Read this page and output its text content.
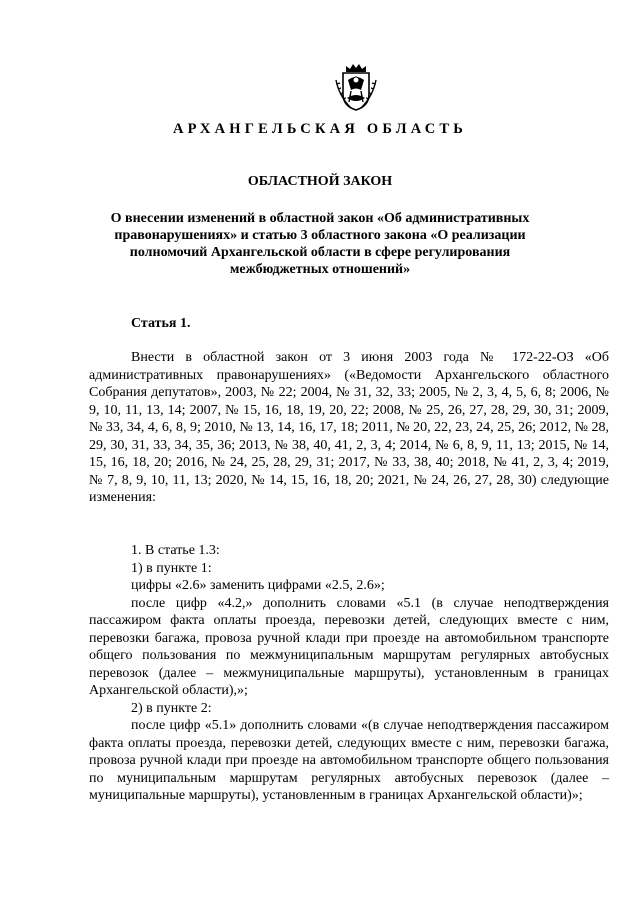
АРХАНГЕЛЬСКАЯ ОБЛАСТЬ
ОБЛАСТНОЙ ЗАКОН
О внесении изменений в областной закон «Об административных правонарушениях» и статью 3 областного закона «О реализации полномочий Архангельской области в сфере регулирования межбюджетных отношений»
Статья 1.
Внести в областной закон от 3 июня 2003 года № 172-22-ОЗ «Об административных правонарушениях» («Ведомости Архангельского областного Собрания депутатов», 2003, № 22; 2004, № 31, 32, 33; 2005, № 2, 3, 4, 5, 6, 8; 2006, № 9, 10, 11, 13, 14; 2007, № 15, 16, 18, 19, 20, 22; 2008, № 25, 26, 27, 28, 29, 30, 31; 2009, № 33, 34, 4, 6, 8, 9; 2010, № 13, 14, 16, 17, 18; 2011, № 20, 22, 23, 24, 25, 26; 2012, № 28, 29, 30, 31, 33, 34, 35, 36; 2013, № 38, 40, 41, 2, 3, 4; 2014, № 6, 8, 9, 11, 13; 2015, № 14, 15, 16, 18, 20; 2016, № 24, 25, 28, 29, 31; 2017, № 33, 38, 40; 2018, № 41, 2, 3, 4; 2019, № 7, 8, 9, 10, 11, 13; 2020, № 14, 15, 16, 18, 20; 2021, № 24, 26, 27, 28, 30) следующие изменения:
1. В статье 1.3:
1) в пункте 1:
цифры «2.6» заменить цифрами «2.5, 2.6»;
после цифр «4.2,» дополнить словами «5.1 (в случае неподтверждения пассажиром факта оплаты проезда, перевозки детей, следующих вместе с ним, перевозки багажа, провоза ручной клади при проезде на автомобильном транспорте общего пользования по межмуниципальным маршрутам регулярных автобусных перевозок (далее – межмуниципальные маршруты), установленным в границах Архангельской области),»;
2) в пункте 2:
после цифр «5.1» дополнить словами «(в случае неподтверждения пассажиром факта оплаты проезда, перевозки детей, следующих вместе с ним, перевозки багажа, провоза ручной клади при проезде на автомобильном транспорте общего пользования по муниципальным маршрутам регулярных автобусных перевозок (далее – муниципальные маршруты), установленным в границах Архангельской области)»;
